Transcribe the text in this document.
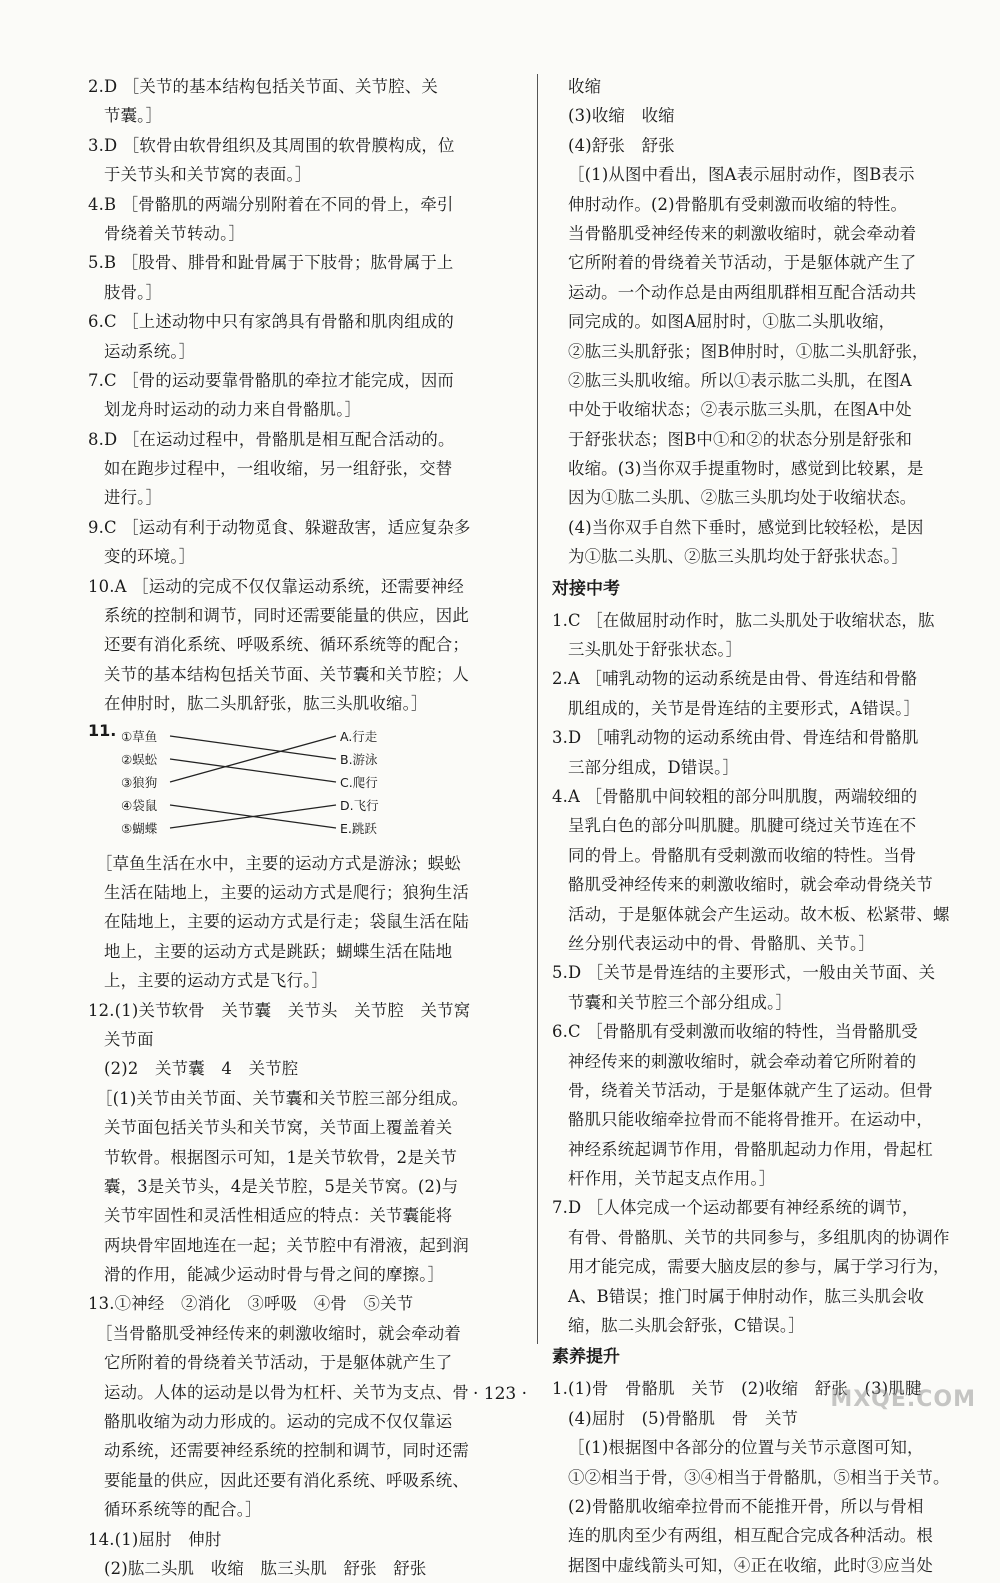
2.D ［关节的基本结构包括关节面、关节腔、关
节囊。］
3.D ［软骨由软骨组织及其周围的软骨膜构成，位
于关节头和关节窝的表面。］
4.B ［骨骼肌的两端分别附着在不同的骨上，牵引
骨绕着关节转动。］
5.B ［股骨、腓骨和趾骨属于下肢骨；肱骨属于上
肢骨。］
6.C ［上述动物中只有家鸽具有骨骼和肌肉组成的
运动系统。］
7.C ［骨的运动要靠骨骼肌的牵拉才能完成，因而
划龙舟时运动的动力来自骨骼肌。］
8.D ［在运动过程中，骨骼肌是相互配合活动的。
如在跑步过程中，一组收缩，另一组舒张，交替
进行。］
9.C ［运动有利于动物觅食、躲避敌害，适应复杂多
变的环境。］
10.A ［运动的完成不仅仅靠运动系统，还需要神经
系统的控制和调节，同时还需要能量的供应，因此
还要有消化系统、呼吸系统、循环系统等的配合；
关节的基本结构包括关节面、关节囊和关节腔；人
在伸肘时，肱二头肌舒张，肱三头肌收缩。］
11. ①草鱼
②蜈蚣
③狼狗
④袋鼠
⑤蝴蝶
A.行走
B.游泳
C.爬行
D.飞行
E.跳跃
［草鱼生活在水中，主要的运动方式是游泳；蜈蚣
生活在陆地上，主要的运动方式是爬行；狼狗生活
在陆地上，主要的运动方式是行走；袋鼠生活在陆
地上，主要的运动方式是跳跃；蝴蝶生活在陆地
上，主要的运动方式是飞行。］
12.(1)关节软骨　关节囊　关节头　关节腔　关节窝
关节面
(2)2　关节囊　4　关节腔
［(1)关节由关节面、关节囊和关节腔三部分组成。
关节面包括关节头和关节窝，关节面上覆盖着关
节软骨。根据图示可知，1是关节软骨，2是关节
囊，3是关节头，4是关节腔，5是关节窝。(2)与
关节牢固性和灵活性相适应的特点：关节囊能将
两块骨牢固地连在一起；关节腔中有滑液，起到润
滑的作用，能减少运动时骨与骨之间的摩擦。］
13.①神经　②消化　③呼吸　④骨　⑤关节
［当骨骼肌受神经传来的刺激收缩时，就会牵动着
它所附着的骨绕着关节活动，于是躯体就产生了
运动。人体的运动是以骨为杠杆、关节为支点、骨
骼肌收缩为动力形成的。运动的完成不仅仅靠运
动系统，还需要神经系统的控制和调节，同时还需
要能量的供应，因此还要有消化系统、呼吸系统、
循环系统等的配合。］
14.(1)屈肘　伸肘
(2)肱二头肌　收缩　肱三头肌　舒张　舒张
收缩
(3)收缩　收缩
(4)舒张　舒张
［(1)从图中看出，图A表示屈肘动作，图B表示
伸肘动作。(2)骨骼肌有受刺激而收缩的特性。
当骨骼肌受神经传来的刺激收缩时，就会牵动着
它所附着的骨绕着关节活动，于是躯体就产生了
运动。一个动作总是由两组肌群相互配合活动共
同完成的。如图A屈肘时，①肱二头肌收缩，
②肱三头肌舒张；图B伸肘时，①肱二头肌舒张，
②肱三头肌收缩。所以①表示肱二头肌，在图A
中处于收缩状态；②表示肱三头肌，在图A中处
于舒张状态；图B中①和②的状态分别是舒张和
收缩。(3)当你双手提重物时，感觉到比较累，是
因为①肱二头肌、②肱三头肌均处于收缩状态。
(4)当你双手自然下垂时，感觉到比较轻松，是因
为①肱二头肌、②肱三头肌均处于舒张状态。］
对接中考
1.C ［在做屈肘动作时，肱二头肌处于收缩状态，肱
三头肌处于舒张状态。］
2.A ［哺乳动物的运动系统是由骨、骨连结和骨骼
肌组成的，关节是骨连结的主要形式，A错误。］
3.D ［哺乳动物的运动系统由骨、骨连结和骨骼肌
三部分组成，D错误。］
4.A ［骨骼肌中间较粗的部分叫肌腹，两端较细的
呈乳白色的部分叫肌腱。肌腱可绕过关节连在不
同的骨上。骨骼肌有受刺激而收缩的特性。当骨
骼肌受神经传来的刺激收缩时，就会牵动骨绕关节
活动，于是躯体就会产生运动。故木板、松紧带、螺
丝分别代表运动中的骨、骨骼肌、关节。］
5.D ［关节是骨连结的主要形式，一般由关节面、关
节囊和关节腔三个部分组成。］
6.C ［骨骼肌有受刺激而收缩的特性，当骨骼肌受
神经传来的刺激收缩时，就会牵动着它所附着的
骨，绕着关节活动，于是躯体就产生了运动。但骨
骼肌只能收缩牵拉骨而不能将骨推开。在运动中，
神经系统起调节作用，骨骼肌起动力作用，骨起杠
杆作用，关节起支点作用。］
7.D ［人体完成一个运动都要有神经系统的调节，
有骨、骨骼肌、关节的共同参与，多组肌肉的协调作
用才能完成，需要大脑皮层的参与，属于学习行为，
A、B错误；推门时属于伸肘动作，肱三头肌会收
缩，肱二头肌会舒张，C错误。］
素养提升
1.(1)骨　骨骼肌　关节　(2)收缩　舒张　(3)肌腱
(4)屈肘　(5)骨骼肌　骨　关节
［(1)根据图中各部分的位置与关节示意图可知，
①②相当于骨，③④相当于骨骼肌，⑤相当于关节。
(2)骨骼肌收缩牵拉骨而不能推开骨，所以与骨相
连的肌肉至少有两组，相互配合完成各种活动。根
据图中虚线箭头可知，④正在收缩，此时③应当处
· 123 ·	MXQE.COM
